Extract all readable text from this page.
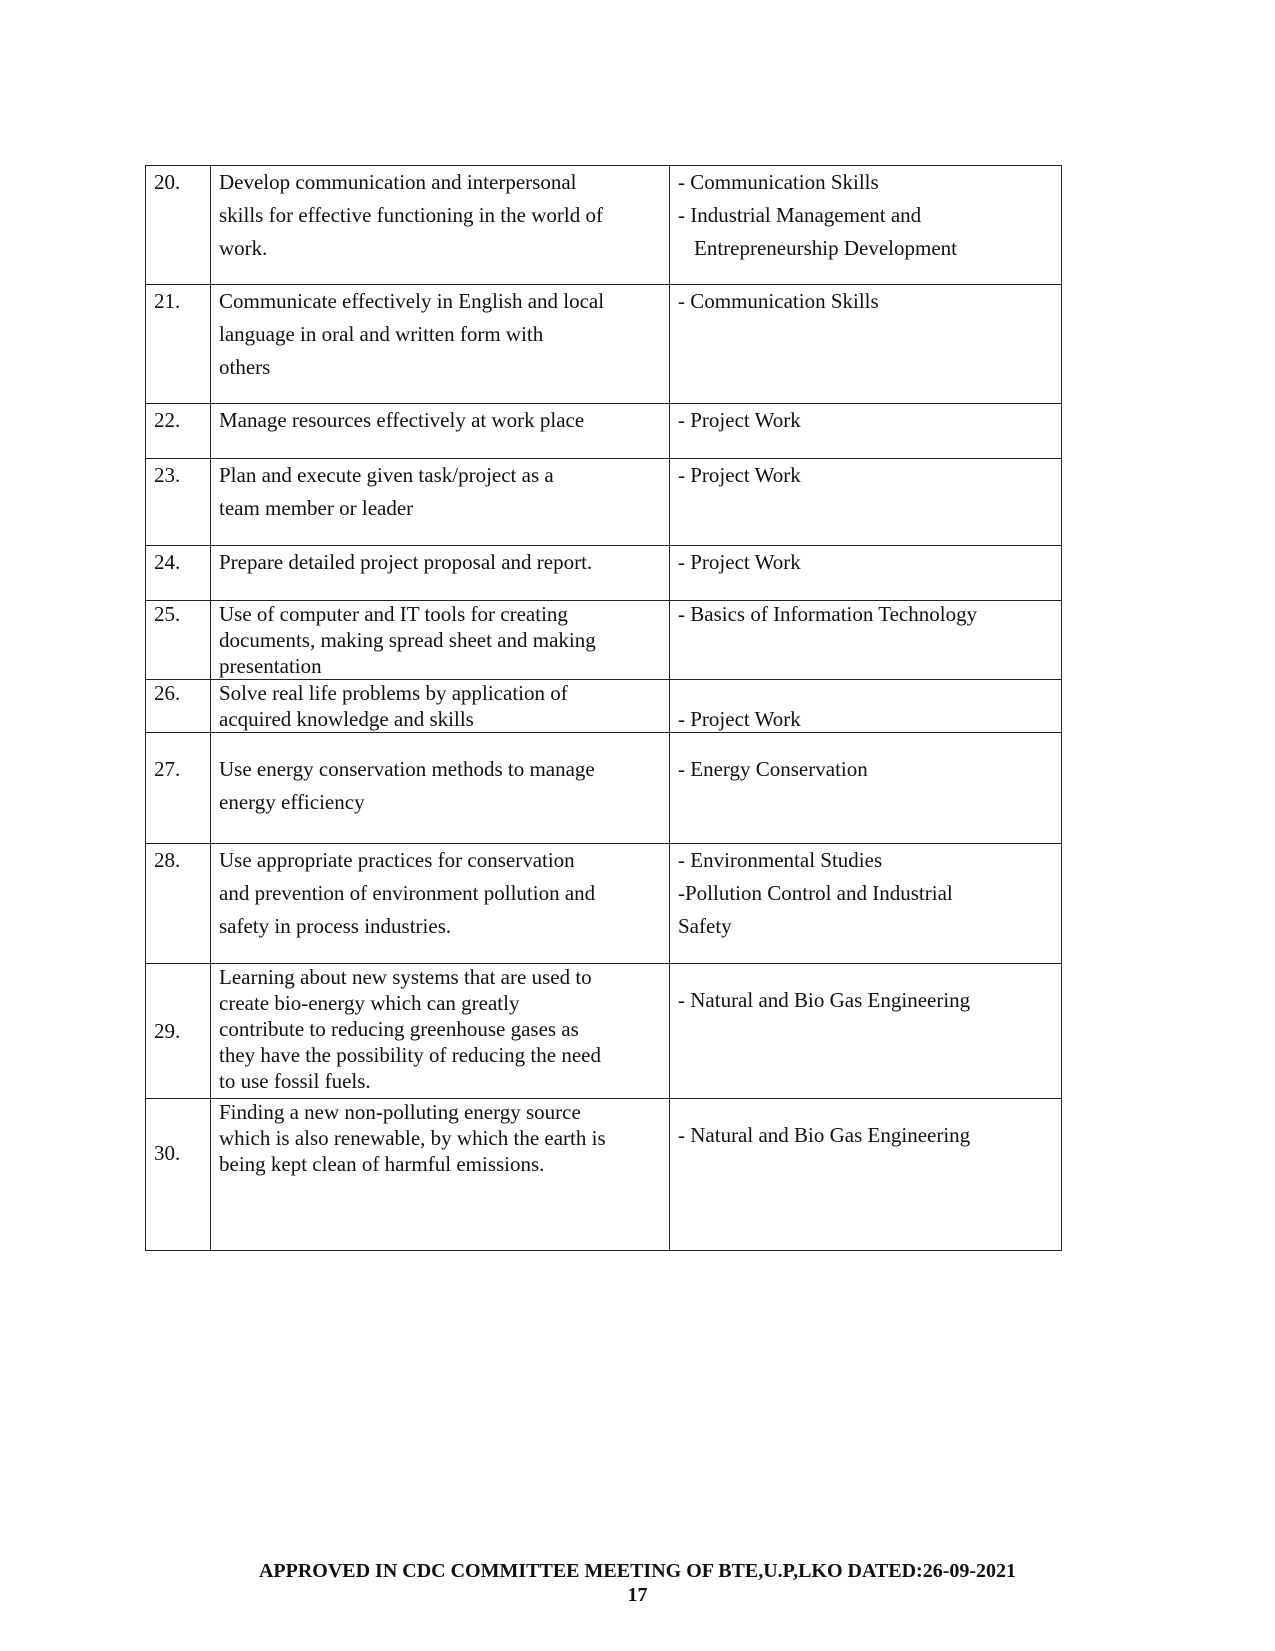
20.	Develop communication and interpersonal
skills for effective functioning in the world of
work.	- Communication Skills
- Industrial Management and
Entrepreneurship Development

21.	Communicate effectively in English and local
language in oral and written form with
others	- Communication Skills

22.	Manage resources effectively at work place	- Project Work

23.	Plan and execute given task/project as a
team member or leader	- Project Work

24.	Prepare detailed project proposal and report.	- Project Work

25.	Use of computer and IT tools for creating
documents, making spread sheet and making
presentation	- Basics of Information Technology

26.	Solve real life problems by application of
acquired knowledge and skills	- Project Work

27.	Use energy conservation methods to manage
energy efficiency	- Energy Conservation

28.	Use appropriate practices for conservation
and prevention of environment pollution and
safety in process industries.	- Environmental Studies
-Pollution Control and Industrial
Safety

29.	Learning about new systems that are used to
create bio-energy which can greatly
contribute to reducing greenhouse gases as
they have the possibility of reducing the need
to use fossil fuels.	- Natural and Bio Gas Engineering

30.	Finding a new non-polluting energy source
which is also renewable, by which the earth is
being kept clean of harmful emissions.	- Natural and Bio Gas Engineering
APPROVED IN CDC COMMITTEE MEETING OF BTE,U.P,LKO DATED:26-09-2021
17
